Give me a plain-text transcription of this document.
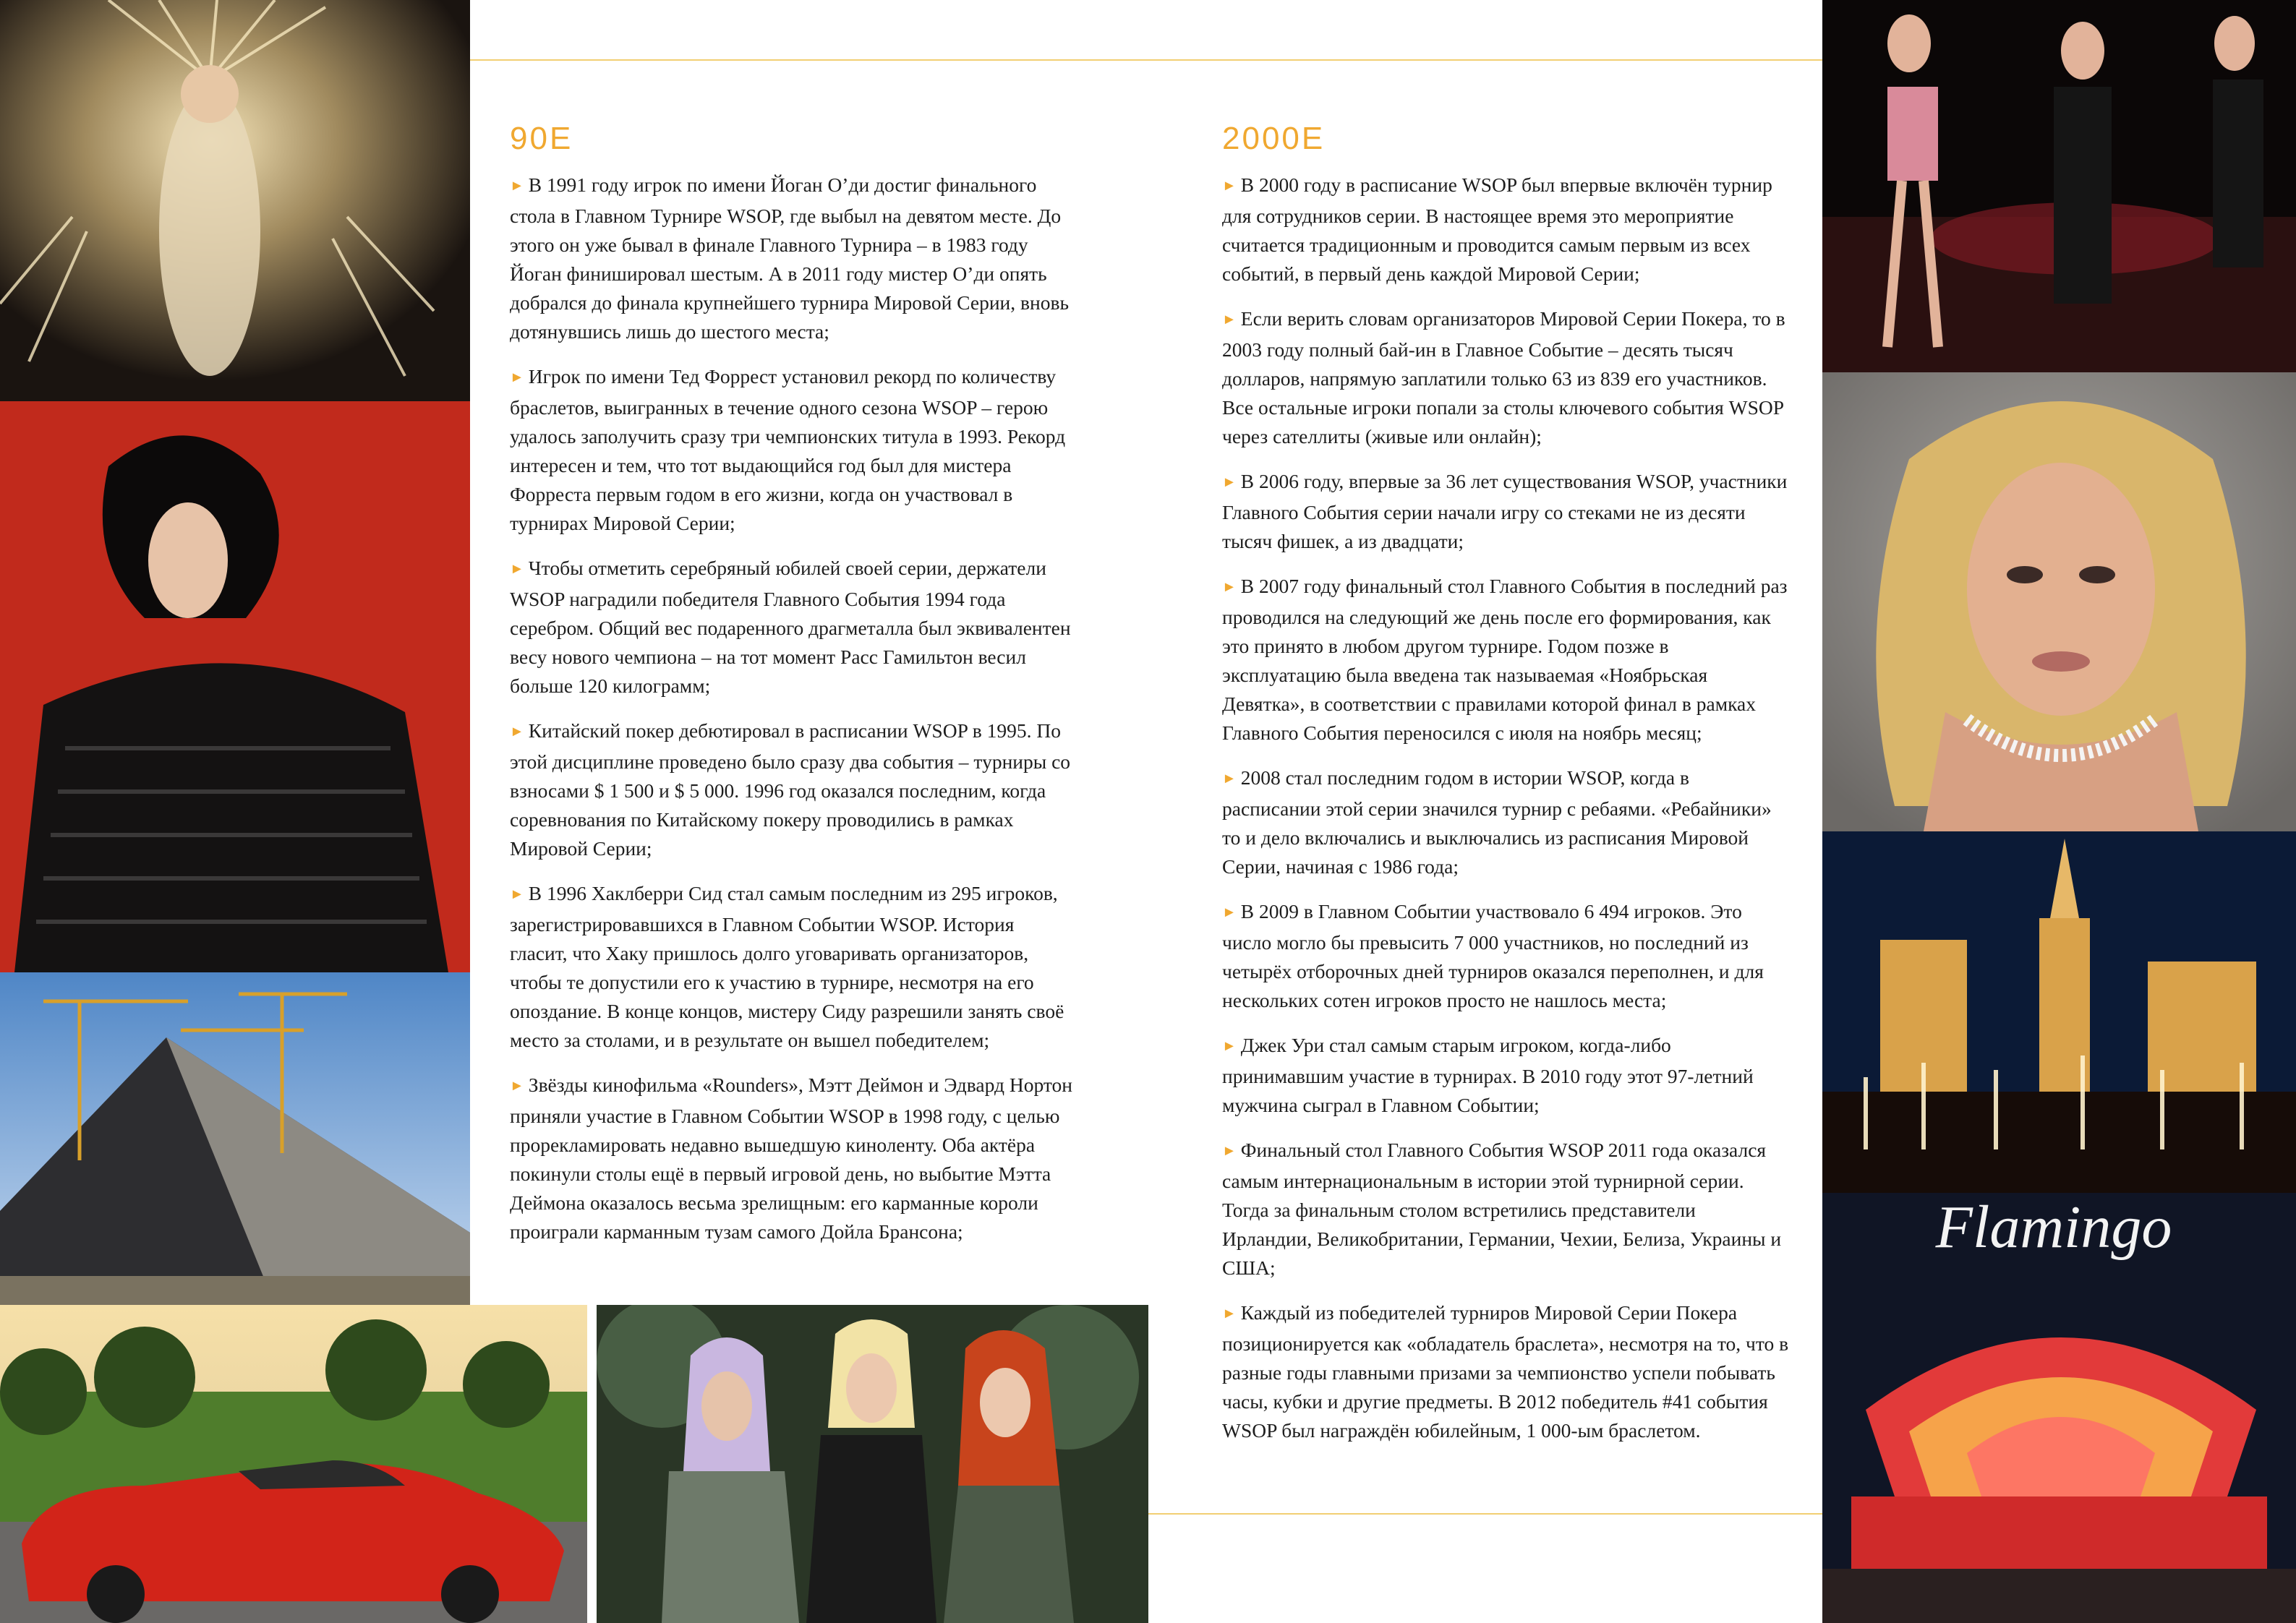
Flamingo
90Е

► В 1991 году игрок по имени Йоган О’ди достиг финального стола в Главном Турнире WSOP, где выбыл на девятом месте. До этого он уже бывал в финале Главного Турнира – в 1983 году Йоган финишировал шестым. А в 2011 году мистер О’ди опять добрался до финала крупнейшего турнира Мировой Серии, вновь дотянувшись лишь до шестого места;

► Игрок по имени Тед Форрест установил рекорд по количеству браслетов, выигранных в течение одного сезона WSOP – герою удалось заполучить сразу три чемпионских титула в 1993. Рекорд интересен и тем, что тот выдающийся год был для мистера Форреста первым годом в его жизни, когда он участвовал в турнирах Мировой Серии;

► Чтобы отметить серебряный юбилей своей серии, держатели WSOP наградили победителя Главного События 1994 года серебром. Общий вес подаренного драгметалла был эквивалентен весу нового чемпиона – на тот момент Расс Гамильтон весил больше 120 килограмм;

► Китайский покер дебютировал в расписании WSOP в 1995. По этой дисциплине проведено было сразу два события – турниры со взносами $ 1 500 и $ 5 000. 1996 год оказался последним, когда соревнования по Китайскому покеру проводились в рамках Мировой Серии;

► В 1996 Хаклберри Сид стал самым последним из 295 игроков, зарегистрировавшихся в Главном Событии WSOP. История гласит, что Хаку пришлось долго уговаривать организаторов, чтобы те допустили его к участию в турнире, несмотря на его опоздание. В конце концов, мистеру Сиду разрешили занять своё место за столами, и в результате он вышел победителем;

► Звёзды кинофильма «Rounders», Мэтт Деймон и Эдвард Нортон приняли участие в Главном Событии WSOP в 1998 году, с целью прорекламировать недавно вышедшую киноленту. Оба актёра покинули столы ещё в первый игровой день, но выбытие Мэтта Деймона оказалось весьма зрелищным: его карманные короли проиграли карманным тузам самого Дойла Брансона;

2000Е

► В 2000 году в расписание WSOP был впервые включён турнир для сотрудников серии. В настоящее время это мероприятие считается традиционным и проводится самым первым из всех событий, в первый день каждой Мировой Серии;

► Если верить словам организаторов Мировой Серии Покера, то в 2003 году полный бай-ин в Главное Событие – десять тысяч долларов, напрямую заплатили только 63 из 839 его участников. Все остальные игроки попали за столы ключевого события WSOP через сателлиты (живые или онлайн);

► В 2006 году, впервые за 36 лет существования WSOP, участники Главного События серии начали игру со стеками не из десяти тысяч фишек, а из двадцати;

► В 2007 году финальный стол Главного События в последний раз проводился на следующий же день после его формирования, как это принято в любом другом турнире. Годом позже в эксплуатацию была введена так называемая «Ноябрьская Девятка», в соответствии с правилами которой финал в рамках Главного События переносился с июля на ноябрь месяц;

► 2008 стал последним годом в истории WSOP, когда в расписании этой серии значился турнир с ребаями. «Ребайники» то и дело включались и выключались из расписания Мировой Серии, начиная с 1986 года;

► В 2009 в Главном Событии участвовало 6 494 игроков. Это число могло бы превысить 7 000 участников, но последний из четырёх отборочных дней турниров оказался переполнен, и для нескольких сотен игроков просто не нашлось места;

► Джек Ури стал самым старым игроком, когда-либо принимавшим участие в турнирах. В 2010 году этот 97-летний мужчина сыграл в Главном Событии;

► Финальный стол Главного События WSOP 2011 года оказался самым интернациональным в истории этой турнирной серии. Тогда за финальным столом встретились представители Ирландии, Великобритании, Германии, Чехии, Белиза, Украины и США;

► Каждый из победителей турниров Мировой Серии Покера позиционируется как «обладатель браслета», несмотря на то, что в разные годы главными призами за чемпионство успели побывать часы, кубки и другие предметы. В 2012 победитель #41 события WSOP был награждён юбилейным, 1 000-ым браслетом.
